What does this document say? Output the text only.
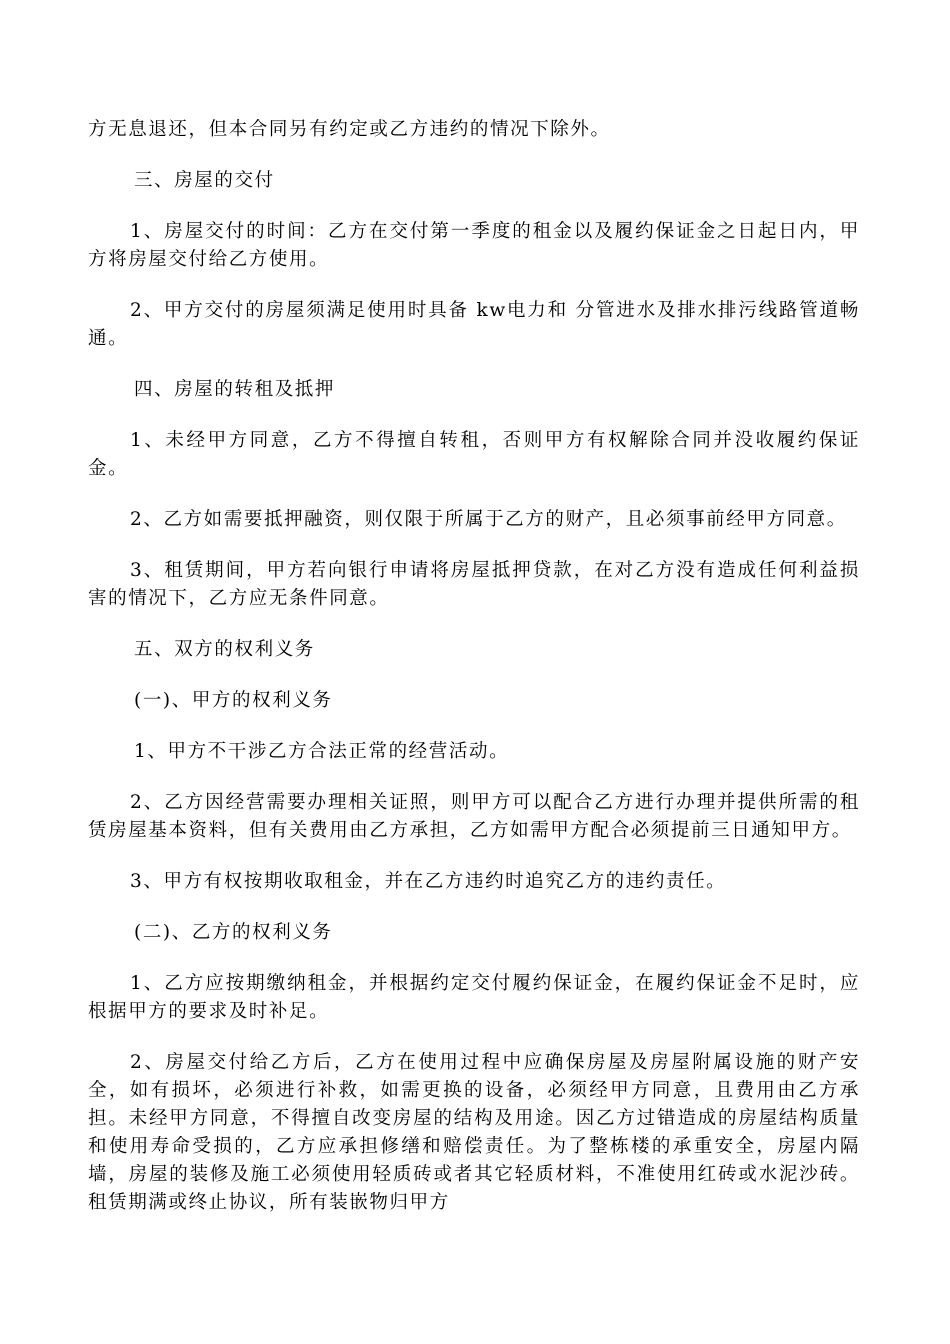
方无息退还，但本合同另有约定或乙方违约的情况下除外。

三、房屋的交付

1、房屋交付的时间：乙方在交付第一季度的租金以及履约保证金之日起日内，甲方将房屋交付给乙方使用。

2、甲方交付的房屋须满足使用时具备 kw电力和 分管进水及排水排污线路管道畅通。

四、房屋的转租及抵押

1、未经甲方同意，乙方不得擅自转租，否则甲方有权解除合同并没收履约保证金。

2、乙方如需要抵押融资，则仅限于所属于乙方的财产，且必须事前经甲方同意。

3、租赁期间，甲方若向银行申请将房屋抵押贷款，在对乙方没有造成任何利益损害的情况下，乙方应无条件同意。

五、双方的权利义务

(一)、甲方的权利义务

1、甲方不干涉乙方合法正常的经营活动。

2、乙方因经营需要办理相关证照，则甲方可以配合乙方进行办理并提供所需的租赁房屋基本资料，但有关费用由乙方承担，乙方如需甲方配合必须提前三日通知甲方。

3、甲方有权按期收取租金，并在乙方违约时追究乙方的违约责任。

(二)、乙方的权利义务

1、乙方应按期缴纳租金，并根据约定交付履约保证金，在履约保证金不足时，应根据甲方的要求及时补足。

2、房屋交付给乙方后，乙方在使用过程中应确保房屋及房屋附属设施的财产安全，如有损坏，必须进行补救，如需更换的设备，必须经甲方同意，且费用由乙方承担。未经甲方同意，不得擅自改变房屋的结构及用途。因乙方过错造成的房屋结构质量和使用寿命受损的，乙方应承担修缮和赔偿责任。为了整栋楼的承重安全，房屋内隔墙，房屋的装修及施工必须使用轻质砖或者其它轻质材料，不准使用红砖或水泥沙砖。租赁期满或终止协议，所有装嵌物归甲方
